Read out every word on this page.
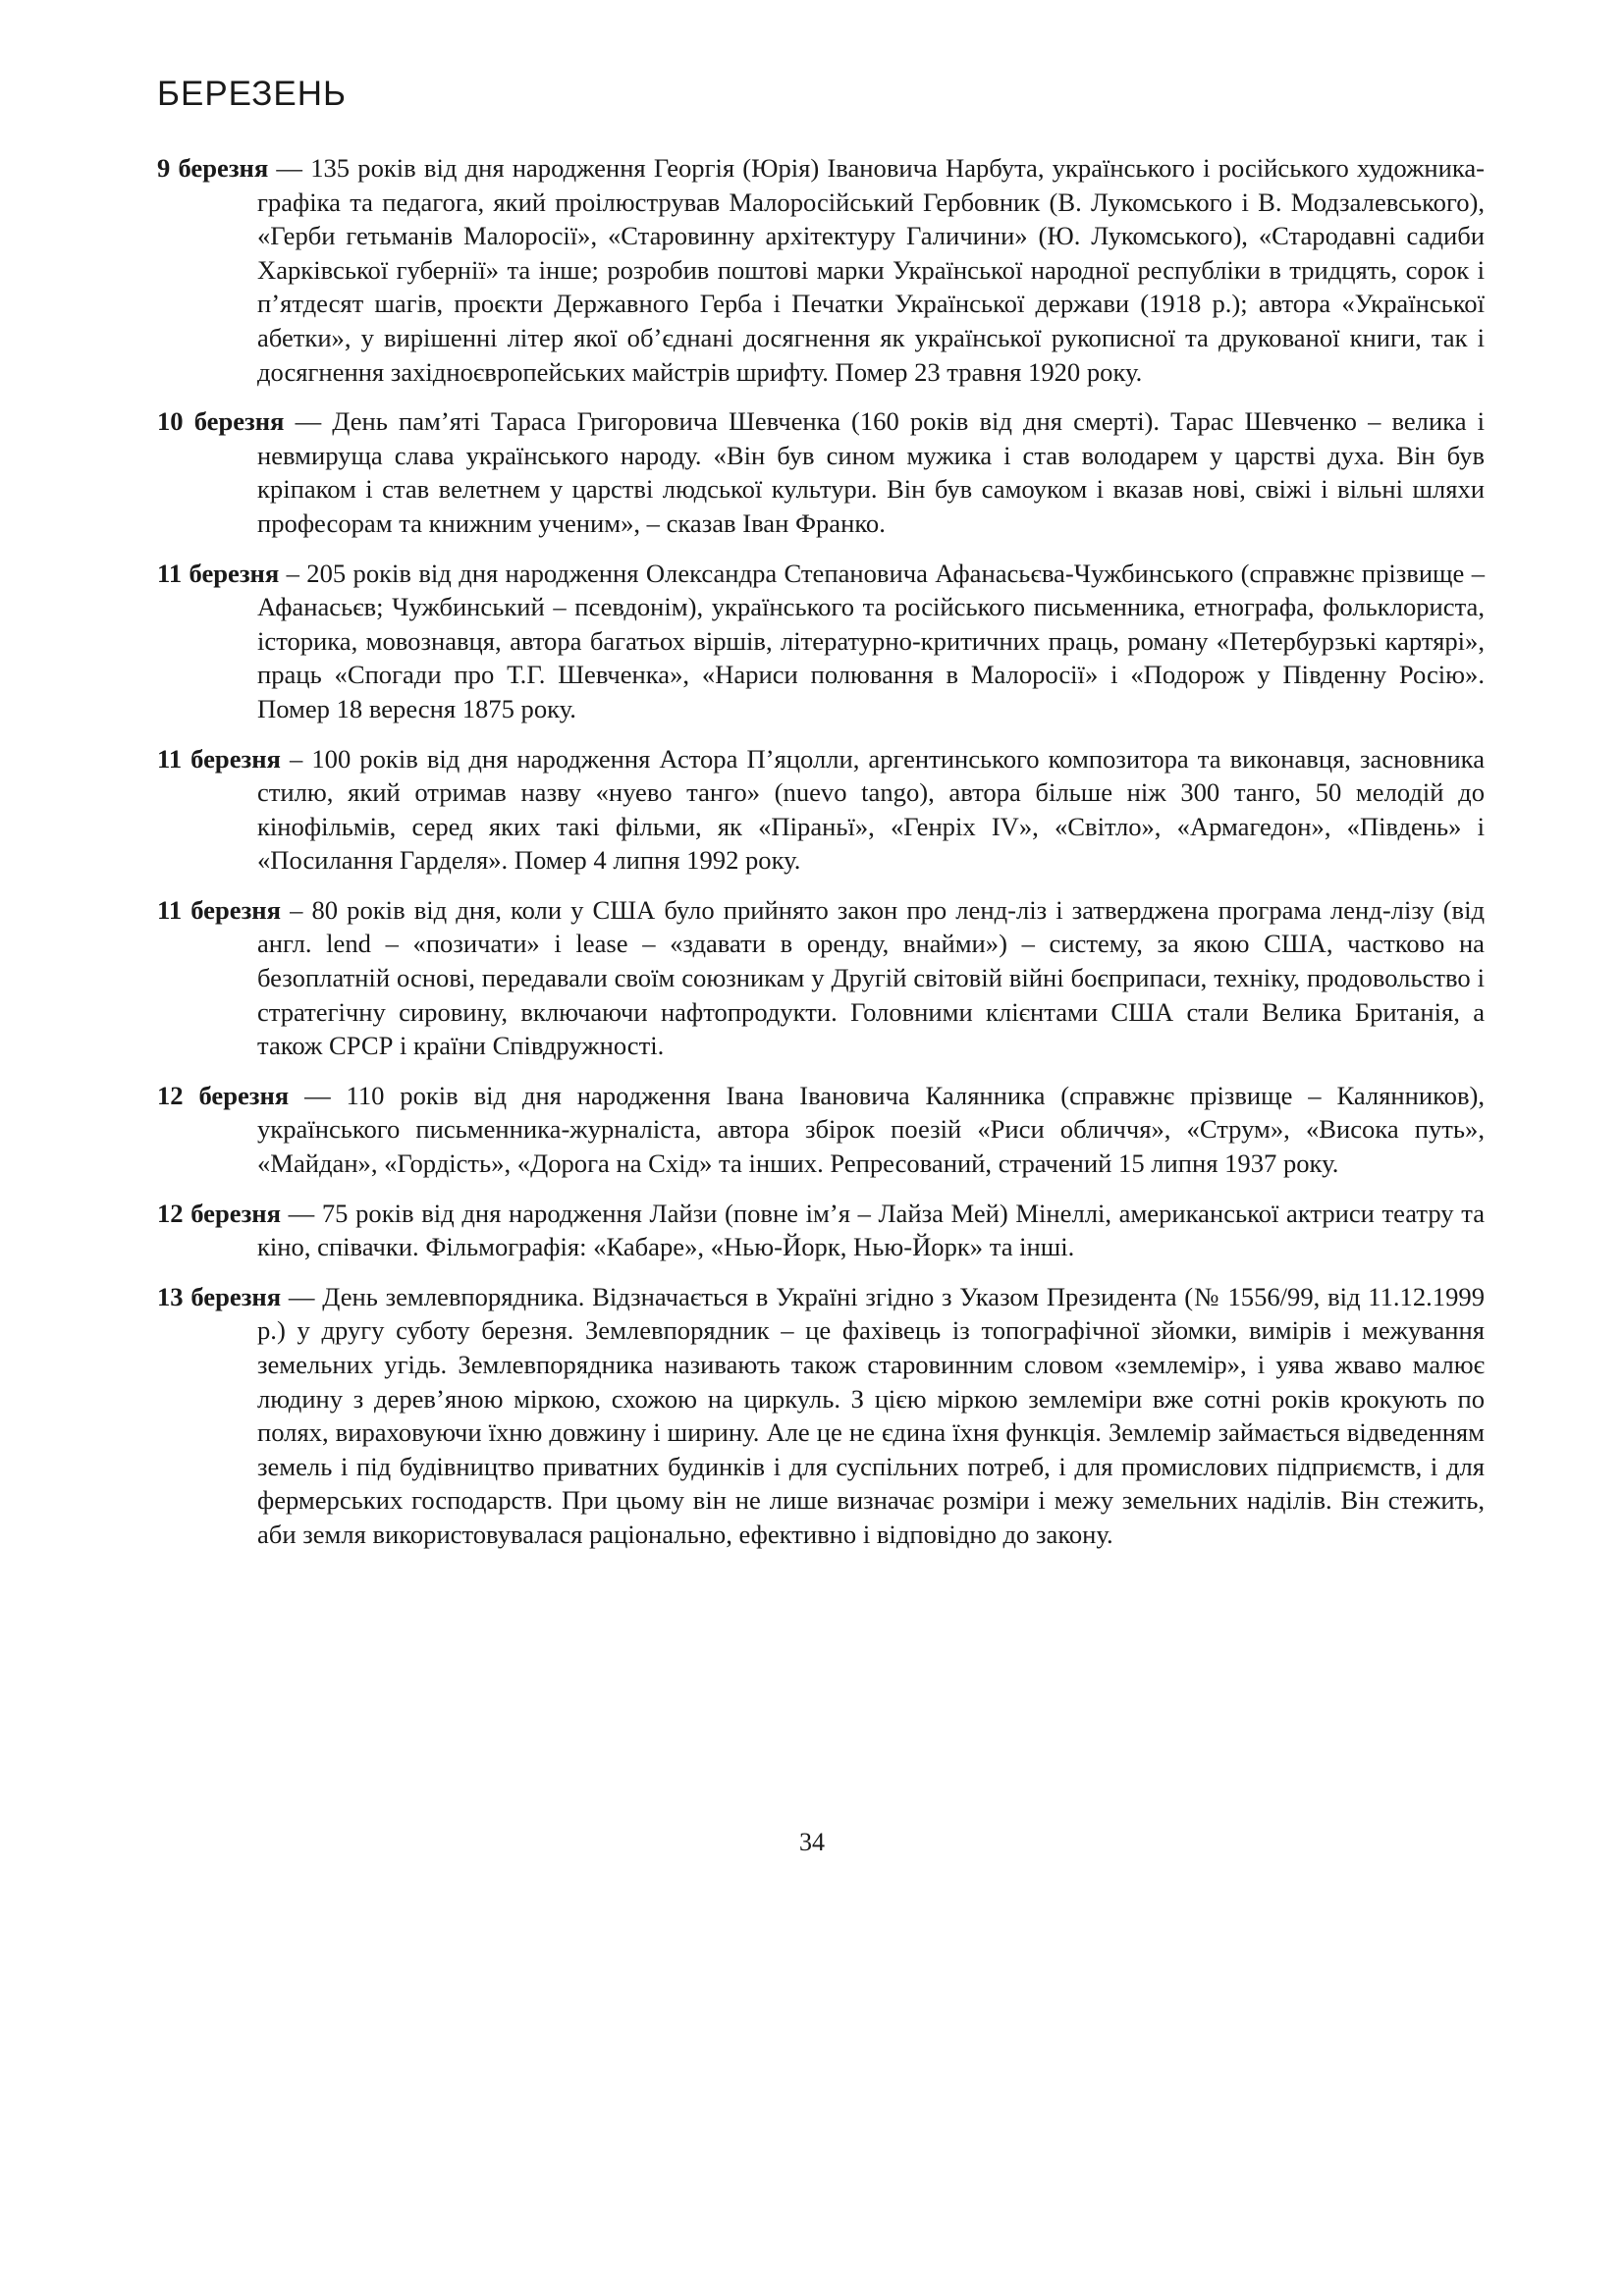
БЕРЕЗЕНЬ

9 березня — 135 років від дня народження Георгія (Юрія) Івановича Нарбута, українського і російського художника-графіка та педагога, який проілюстрував Малоросійський Гербовник (В. Лукомського і В. Модзалевського), «Герби гетьманів Малоросії», «Старовинну архітектуру Галичини» (Ю. Лукомського), «Стародавні садиби Харківської губернії» та інше; розробив поштові марки Української народної республіки в тридцять, сорок і п’ятдесят шагів, проєкти Державного Герба і Печатки Української держави (1918 р.); автора «Української абетки», у вирішенні літер якої об’єднані досягнення як української рукописної та друкованої книги, так і досягнення західноєвропейських майстрів шрифту. Помер 23 травня 1920 року.

10 березня — День пам’яті Тараса Григоровича Шевченка (160 років від дня смерті). Тарас Шевченко – велика і невмируща слава українського народу. «Він був сином мужика і став володарем у царстві духа. Він був кріпаком і став велетнем у царстві людської культури. Він був самоуком і вказав нові, свіжі і вільні шляхи професорам та книжним ученим», – сказав Іван Франко.

11 березня – 205 років від дня народження Олександра Степановича Афанасьєва-Чужбинського (справжнє прізвище – Афанасьєв; Чужбинський – псевдонім), українського та російського письменника, етнографа, фольклориста, історика, мовознавця, автора багатьох віршів, літературно-критичних праць, роману «Петербурзькі картярі», праць «Спогади про Т.Г. Шевченка», «Нариси полювання в Малоросії» і «Подорож у Південну Росію». Помер 18 вересня 1875 року.

11 березня – 100 років від дня народження Астора П’яцолли, аргентинського композитора та виконавця, засновника стилю, який отримав назву «нуево танго» (nuevo tango), автора більше ніж 300 танго, 50 мелодій до кінофільмів, серед яких такі фільми, як «Піраньї», «Генріх IV», «Світло», «Армагедон», «Південь» і «Посилання Гарделя». Помер 4 липня 1992 року.

11 березня – 80 років від дня, коли у США було прийнято закон про ленд-ліз і затверджена програма ленд-лізу (від англ. lend – «позичати» і lease – «здавати в оренду, внайми») – систему, за якою США, частково на безоплатній основі, передавали своїм союзникам у Другій світовій війні боєприпаси, техніку, продовольство і стратегічну сировину, включаючи нафтопродукти. Головними клієнтами США стали Велика Британія, а також СРСР і країни Співдружності.

12 березня — 110 років від дня народження Івана Івановича Калянника (справжнє прізвище – Калянников), українського письменника-журналіста, автора збірок поезій «Риси обличчя», «Струм», «Висока путь», «Майдан», «Гордість», «Дорога на Схід» та інших. Репресований, страчений 15 липня 1937 року.

12 березня — 75 років від дня народження Лайзи (повне ім’я – Лайза Мей) Мінеллі, американської актриси театру та кіно, співачки. Фільмографія: «Кабаре», «Нью-Йорк, Нью-Йорк» та інші.

13 березня — День землевпорядника. Відзначається в Україні згідно з Указом Президента (№ 1556/99, від 11.12.1999 р.) у другу суботу березня. Землевпорядник – це фахівець із топографічної зйомки, вимірів і межування земельних угідь. Землевпорядника називають також старовинним словом «землемір», і уява жваво малює людину з дерев’яною міркою, схожою на циркуль. З цією міркою землеміри вже сотні років крокують по полях, вираховуючи їхню довжину і ширину. Але це не єдина їхня функція. Землемір займається відведенням земель і під будівництво приватних будинків і для суспільних потреб, і для промислових підприємств, і для фермерських господарств. При цьому він не лише визначає розміри і межу земельних наділів. Він стежить, аби земля використовувалася раціонально, ефективно і відповідно до закону.

34
